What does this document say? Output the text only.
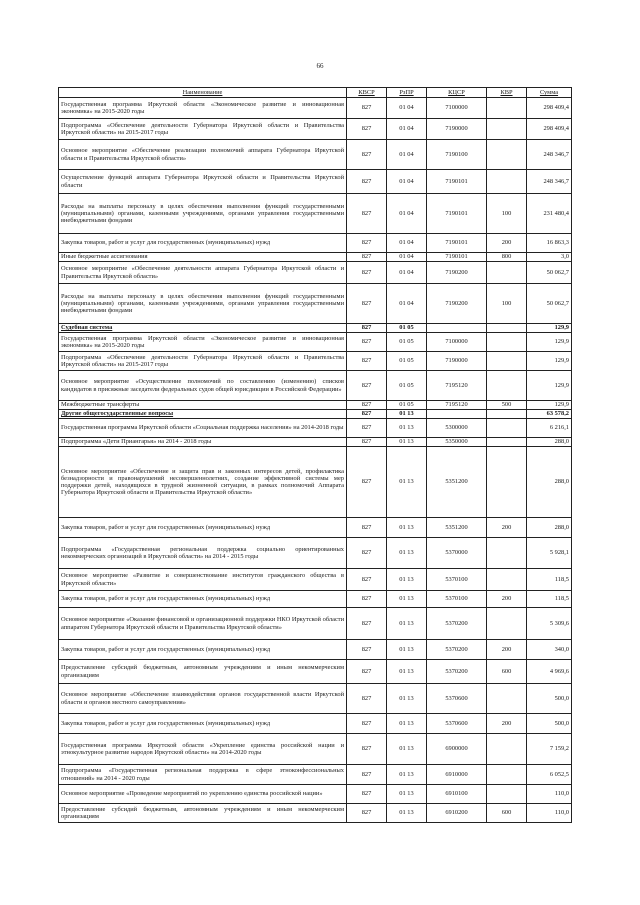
66
Наименование	КВСР	РзПР	КЦСР	КВР	Сумма
Государственная программа Иркутской области «Экономическое развитие и инновационная экономика» на 2015-2020 годы	827	01 04	7100000		298 409,4
Подпрограмма «Обеспечение деятельности Губернатора Иркутской области и Правительства Иркутской области» на 2015-2017 годы	827	01 04	7190000		298 409,4
Основное мероприятие «Обеспечение реализации полномочий аппарата Губернатора Иркутской области и Правительства Иркутской области»	827	01 04	7190100		248 346,7
Осуществление функций аппарата Губернатора Иркутской области и Правительства Иркутской области	827	01 04	7190101		248 346,7
Расходы на выплаты персоналу в целях обеспечения выполнения функций государственными (муниципальными) органами, казенными учреждениями, органами управления государственными внебюджетными фондами	827	01 04	7190101	100	231 480,4
Закупка товаров, работ и услуг для государственных (муниципальных) нужд	827	01 04	7190101	200	16 863,3
Иные бюджетные ассигнования	827	01 04	7190101	800	3,0
Основное мероприятие «Обеспечение деятельности аппарата Губернатора Иркутской области и Правительства Иркутской области»	827	01 04	7190200		50 062,7
Расходы на выплаты персоналу в целях обеспечения выполнения функций государственными (муниципальными) органами, казенными учреждениями, органами управления государственными внебюджетными фондами	827	01 04	7190200	100	50 062,7
Судебная система	827	01 05			129,9
Государственная программа Иркутской области «Экономическое развитие и инновационная экономика» на 2015-2020 годы	827	01 05	7100000		129,9
Подпрограмма «Обеспечение деятельности Губернатора Иркутской области и Правительства Иркутской области» на 2015-2017 годы	827	01 05	7190000		129,9
Основное мероприятие «Осуществление полномочий по составлению (изменению) списков кандидатов в присяжные заседатели федеральных судов общей юрисдикции в Российской Федерации»	827	01 05	7195120		129,9
Межбюджетные трансферты	827	01 05	7195120	500	129,9
Другие общегосударственные вопросы	827	01 13			63 578,2
Государственная программа Иркутской области «Социальная поддержка населения» на 2014-2018 годы	827	01 13	5300000		6 216,1
Подпрограмма «Дети Приангарья» на 2014 - 2018 годы	827	01 13	5350000		288,0
Основное мероприятие «Обеспечение и защита прав и законных интересов детей, профилактика безнадзорности и правонарушений несовершеннолетних, создание эффективной системы мер поддержки детей, находящихся в трудной жизненной ситуации, в рамках полномочий Аппарата Губернатора Иркутской области и Правительства Иркутской области»	827	01 13	5351200		288,0
Закупка товаров, работ и услуг для государственных (муниципальных) нужд	827	01 13	5351200	200	288,0
Подпрограмма «Государственная региональная поддержка социально ориентированных некоммерческих организаций в Иркутской области» на 2014 - 2015 годы	827	01 13	5370000		5 928,1
Основное мероприятие «Развитие и совершенствование институтов гражданского общества в Иркутской области»	827	01 13	5370100		118,5
Закупка товаров, работ и услуг для государственных (муниципальных) нужд	827	01 13	5370100	200	118,5
Основное мероприятие «Оказание финансовой и организационной поддержки НКО Иркутской области аппаратом Губернатора Иркутской области и Правительства Иркутской области»	827	01 13	5370200		5 309,6
Закупка товаров, работ и услуг для государственных (муниципальных) нужд	827	01 13	5370200	200	340,0
Предоставление субсидий бюджетным, автономным учреждениям и иным некоммерческим организациям	827	01 13	5370200	600	4 969,6
Основное мероприятие «Обеспечение взаимодействия органов государственной власти Иркутской области и органов местного самоуправления»	827	01 13	5370600		500,0
Закупка товаров, работ и услуг для государственных (муниципальных) нужд	827	01 13	5370600	200	500,0
Государственная программа Иркутской области «Укрепление единства российской нации и этнокультурное развитие народов Иркутской области» на 2014-2020 годы	827	01 13	6900000		7 159,2
Подпрограмма «Государственная региональная поддержка в сфере этноконфессиональных отношений» на 2014 - 2020 годы	827	01 13	6910000		6 052,5
Основное мероприятие «Проведение мероприятий по укреплению единства российской нации»	827	01 13	6910100		110,0
Предоставление субсидий бюджетным, автономным учреждениям и иным некоммерческим организациям	827	01 13	6910200	600	110,0
